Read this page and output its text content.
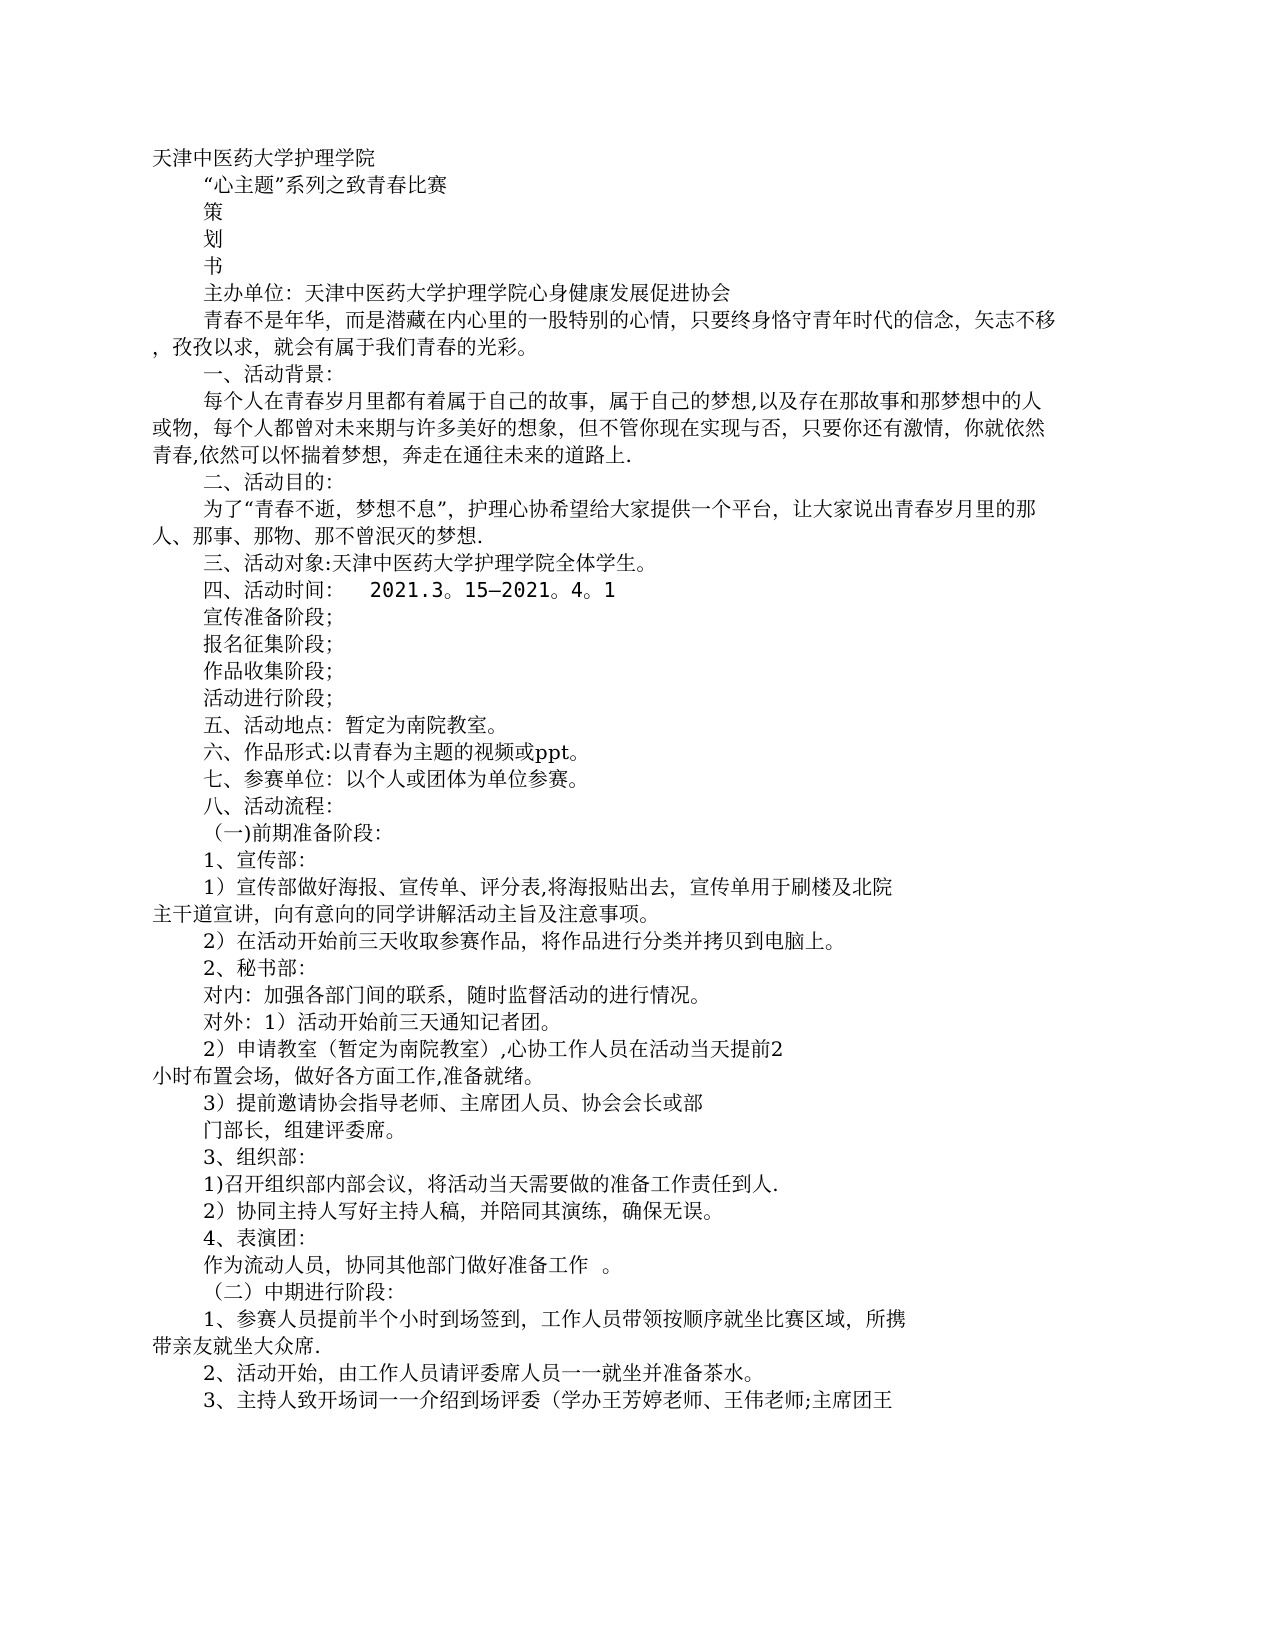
天津中医药大学护理学院
“心主题”系列之致青春比赛
策
划
书
主办单位：天津中医药大学护理学院心身健康发展促进协会
青春不是年华，而是潜藏在内心里的一股特别的心情，只要终身恪守青年时代的信念，矢志不移
，孜孜以求，就会有属于我们青春的光彩。
一、活动背景：
每个人在青春岁月里都有着属于自己的故事，属于自己的梦想,以及存在那故事和那梦想中的人
或物，每个人都曾对未来期与许多美好的想象，但不管你现在实现与否，只要你还有激情，你就依然
青春,依然可以怀揣着梦想，奔走在通往未来的道路上.
二、活动目的：
为了“青春不逝，梦想不息”，护理心协希望给大家提供一个平台，让大家说出青春岁月里的那
人、那事、那物、那不曾泯灭的梦想.
三、活动对象:天津中医药大学护理学院全体学生。
四、活动时间：  2021.3。15—2021。4。1
宣传准备阶段；
报名征集阶段；
作品收集阶段；
活动进行阶段；
五、活动地点：暂定为南院教室。
六、作品形式:以青春为主题的视频或ppt。
七、参赛单位：以个人或团体为单位参赛。
八、活动流程：
（一)前期准备阶段：
1、宣传部：
1）宣传部做好海报、宣传单、评分表,将海报贴出去，宣传单用于刷楼及北院
主干道宣讲，向有意向的同学讲解活动主旨及注意事项。
2）在活动开始前三天收取参赛作品，将作品进行分类并拷贝到电脑上。
2、秘书部：
对内：加强各部门间的联系，随时监督活动的进行情况。
对外：1）活动开始前三天通知记者团。
2）申请教室（暂定为南院教室）,心协工作人员在活动当天提前2
小时布置会场，做好各方面工作,准备就绪。
3）提前邀请协会指导老师、主席团人员、协会会长或部
门部长，组建评委席。
3、组织部：
1)召开组织部内部会议，将活动当天需要做的准备工作责任到人.
2）协同主持人写好主持人稿，并陪同其演练，确保无误。
4、表演团：
作为流动人员，协同其他部门做好准备工作  。
（二）中期进行阶段：
1、参赛人员提前半个小时到场签到，工作人员带领按顺序就坐比赛区域，所携
带亲友就坐大众席.
2、活动开始，由工作人员请评委席人员一一就坐并准备茶水。
3、主持人致开场词一一介绍到场评委（学办王芳婷老师、王伟老师;主席团王
